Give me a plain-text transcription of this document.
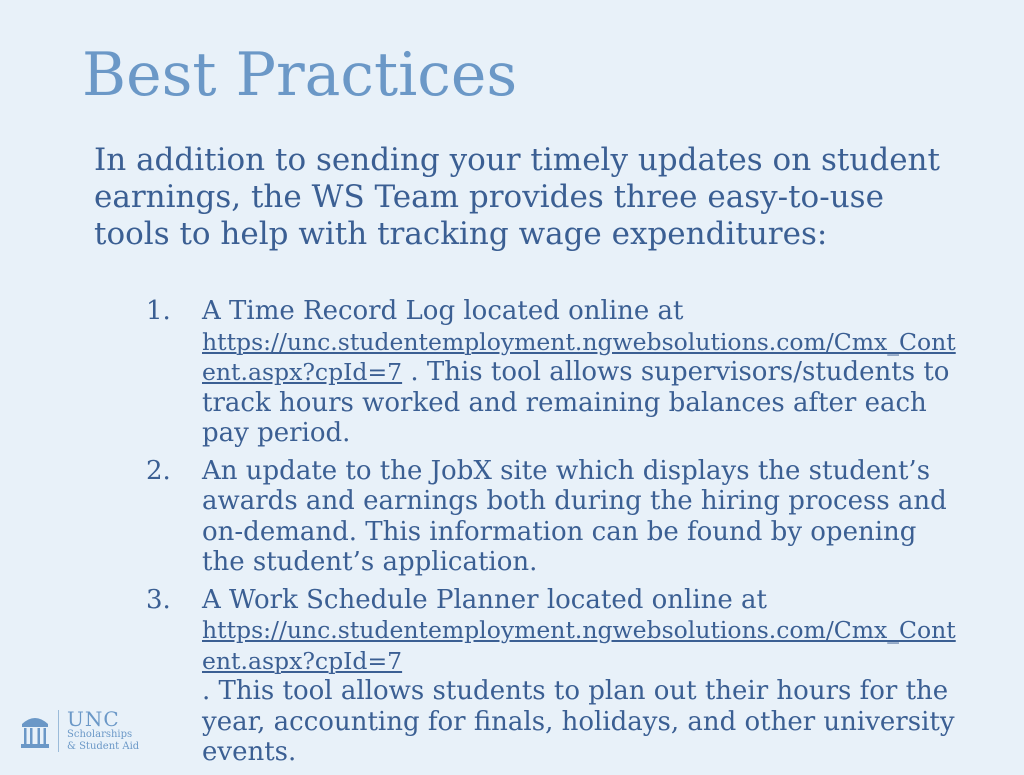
Best Practices

In addition to sending your timely updates on student earnings, the WS Team provides three easy-to-use tools to help with tracking wage expenditures:

1. A Time Record Log located online at
https://unc.studentemployment.ngwebsolutions.com/Cmx_Content.aspx?cpId=7 . This tool allows supervisors/students to track hours worked and remaining balances after each pay period.
2. An update to the JobX site which displays the student’s awards and earnings both during the hiring process and on-demand. This information can be found by opening the student’s application.
3. A Work Schedule Planner located online at
https://unc.studentemployment.ngwebsolutions.com/Cmx_Content.aspx?cpId=7
. This tool allows students to plan out their hours for the year, accounting for finals, holidays, and other university events.
UNC
Scholarships
& Student Aid
